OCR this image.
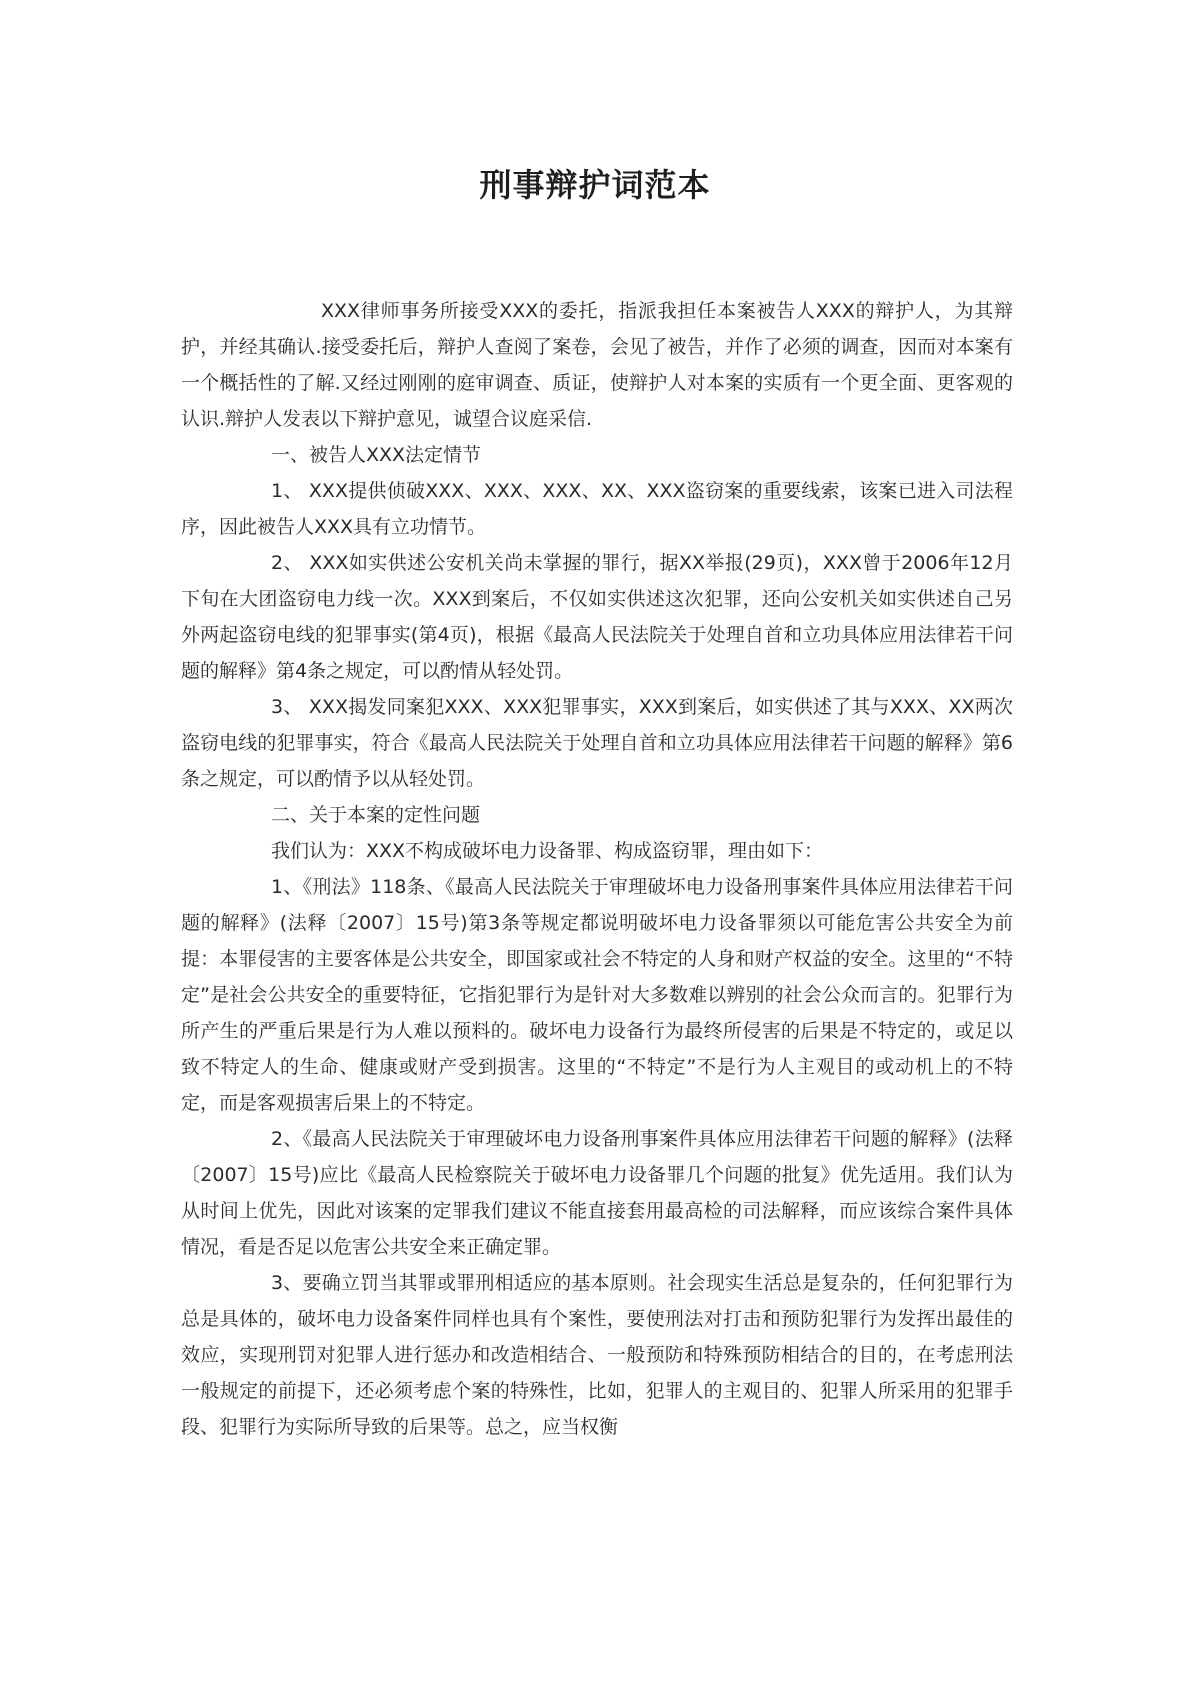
刑事辩护词范本

XXX律师事务所接受XXX的委托，指派我担任本案被告人XXX的辩护人，为其辩护，并经其确认.接受委托后，辩护人查阅了案卷，会见了被告，并作了必须的调查，因而对本案有一个概括性的了解.又经过刚刚的庭审调查、质证，使辩护人对本案的实质有一个更全面、更客观的认识.辩护人发表以下辩护意见，诚望合议庭采信.

一、被告人XXX法定情节

1、 XXX提供侦破XXX、XXX、XXX、XX、XXX盗窃案的重要线索，该案已进入司法程序，因此被告人XXX具有立功情节。

2、 XXX如实供述公安机关尚未掌握的罪行，据XX举报(29页)，XXX曾于2006年12月下旬在大团盗窃电力线一次。XXX到案后，不仅如实供述这次犯罪，还向公安机关如实供述自己另外两起盗窃电线的犯罪事实(第4页)，根据《最高人民法院关于处理自首和立功具体应用法律若干问题的解释》第4条之规定，可以酌情从轻处罚。

3、 XXX揭发同案犯XXX、XXX犯罪事实，XXX到案后，如实供述了其与XXX、XX两次盗窃电线的犯罪事实，符合《最高人民法院关于处理自首和立功具体应用法律若干问题的解释》第6条之规定，可以酌情予以从轻处罚。

二、关于本案的定性问题

我们认为：XXX不构成破坏电力设备罪、构成盗窃罪，理由如下：

1、《刑法》118条、《最高人民法院关于审理破坏电力设备刑事案件具体应用法律若干问题的解释》(法释〔2007〕15号)第3条等规定都说明破坏电力设备罪须以可能危害公共安全为前提：本罪侵害的主要客体是公共安全，即国家或社会不特定的人身和财产权益的安全。这里的“不特定”是社会公共安全的重要特征，它指犯罪行为是针对大多数难以辨别的社会公众而言的。犯罪行为所产生的严重后果是行为人难以预料的。破坏电力设备行为最终所侵害的后果是不特定的，或足以致不特定人的生命、健康或财产受到损害。这里的“不特定”不是行为人主观目的或动机上的不特定，而是客观损害后果上的不特定。

2、《最高人民法院关于审理破坏电力设备刑事案件具体应用法律若干问题的解释》(法释〔2007〕15号)应比《最高人民检察院关于破坏电力设备罪几个问题的批复》优先适用。我们认为从时间上优先，因此对该案的定罪我们建议不能直接套用最高检的司法解释，而应该综合案件具体情况，看是否足以危害公共安全来正确定罪。

3、要确立罚当其罪或罪刑相适应的基本原则。社会现实生活总是复杂的，任何犯罪行为总是具体的，破坏电力设备案件同样也具有个案性，要使刑法对打击和预防犯罪行为发挥出最佳的效应，实现刑罚对犯罪人进行惩办和改造相结合、一般预防和特殊预防相结合的目的，在考虑刑法一般规定的前提下，还必须考虑个案的特殊性，比如，犯罪人的主观目的、犯罪人所采用的犯罪手段、犯罪行为实际所导致的后果等。总之，应当权衡
